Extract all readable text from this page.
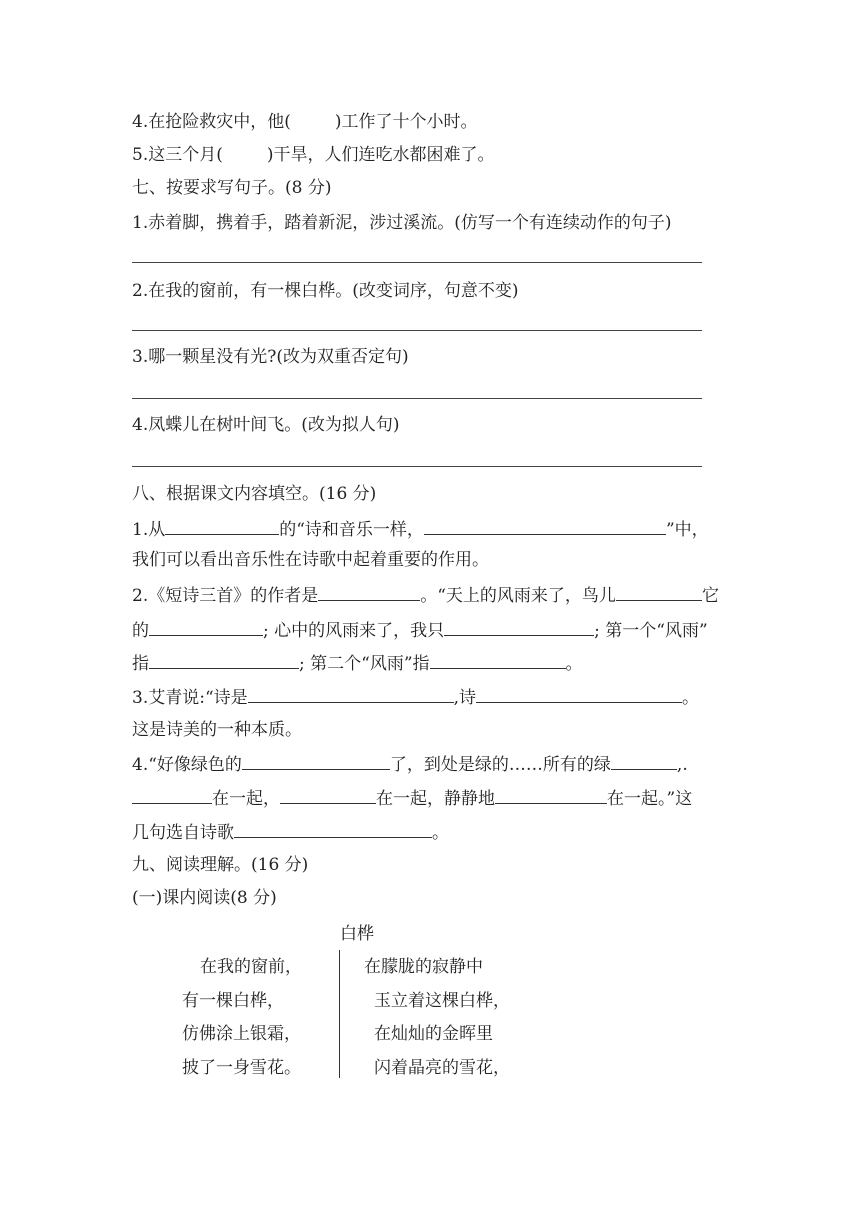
4.在抢险救灾中，他(	)工作了十个小时。
5.这三个月(	)干旱，人们连吃水都困难了。
七、按要求写句子。(8 分)
1.赤着脚，携着手，踏着新泥，涉过溪流。(仿写一个有连续动作的句子)
2.在我的窗前，有一棵白桦。(改变词序，句意不变)
3.哪一颗星没有光?(改为双重否定句)
4.凤蝶儿在树叶间飞。(改为拟人句)
八、根据课文内容填空。(16 分)
1.从	的“诗和音乐一样，	”中，
我们可以看出音乐性在诗歌中起着重要的作用。
2.《短诗三首》的作者是	。“天上的风雨来了，鸟儿	它
的	; 心中的风雨来了，我只	; 第一个“风雨”
指	; 第二个“风雨”指	。
3.艾青说:“诗是	,诗	。
这是诗美的一种本质。
4.“好像绿色的	了，到处是绿的……所有的绿	,.
在一起，	在一起，静静地	在一起。”这
几句选自诗歌	。
九、阅读理解。(16 分)
(一)课内阅读(8 分)
白桦
在我的窗前，
有一棵白桦，
仿佛涂上银霜，
披了一身雪花。
在朦胧的寂静中
玉立着这棵白桦，
在灿灿的金晖里
闪着晶亮的雪花，
